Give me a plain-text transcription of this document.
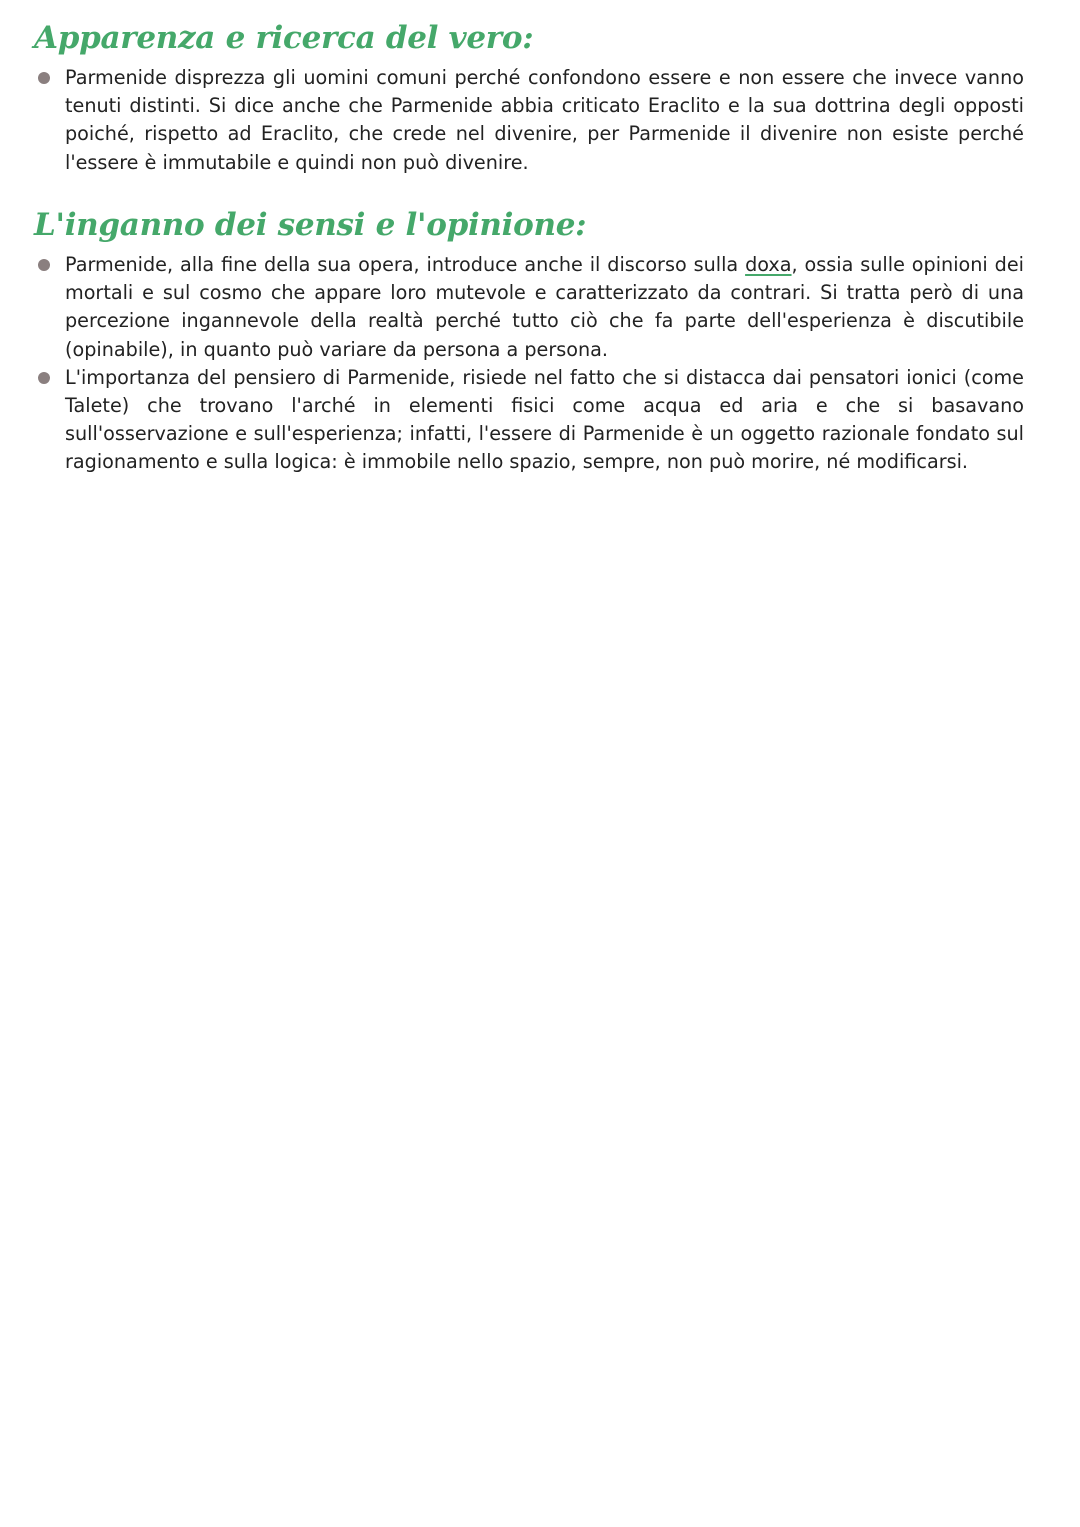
Apparenza e ricerca del vero:
Parmenide disprezza gli uomini comuni perché confondono essere e non essere che invece vanno tenuti distinti. Si dice anche che Parmenide abbia criticato Eraclito e la sua dottrina degli opposti poiché, rispetto ad Eraclito, che crede nel divenire, per Parmenide il divenire non esiste perché l'essere è immutabile e quindi non può divenire.
L'inganno dei sensi e l'opinione:
Parmenide, alla fine della sua opera, introduce anche il discorso sulla doxa, ossia sulle opinioni dei mortali e sul cosmo che appare loro mutevole e caratterizzato da contrari. Si tratta però di una percezione ingannevole della realtà perché tutto ciò che fa parte dell'esperienza è discutibile (opinabile), in quanto può variare da persona a persona.
L'importanza del pensiero di Parmenide, risiede nel fatto che si distacca dai pensatori ionici (come Talete) che trovano l'arché in elementi fisici come acqua ed aria e che si basavano sull'osservazione e sull'esperienza; infatti, l'essere di Parmenide è un oggetto razionale fondato sul ragionamento e sulla logica: è immobile nello spazio, sempre, non può morire, né modificarsi.
